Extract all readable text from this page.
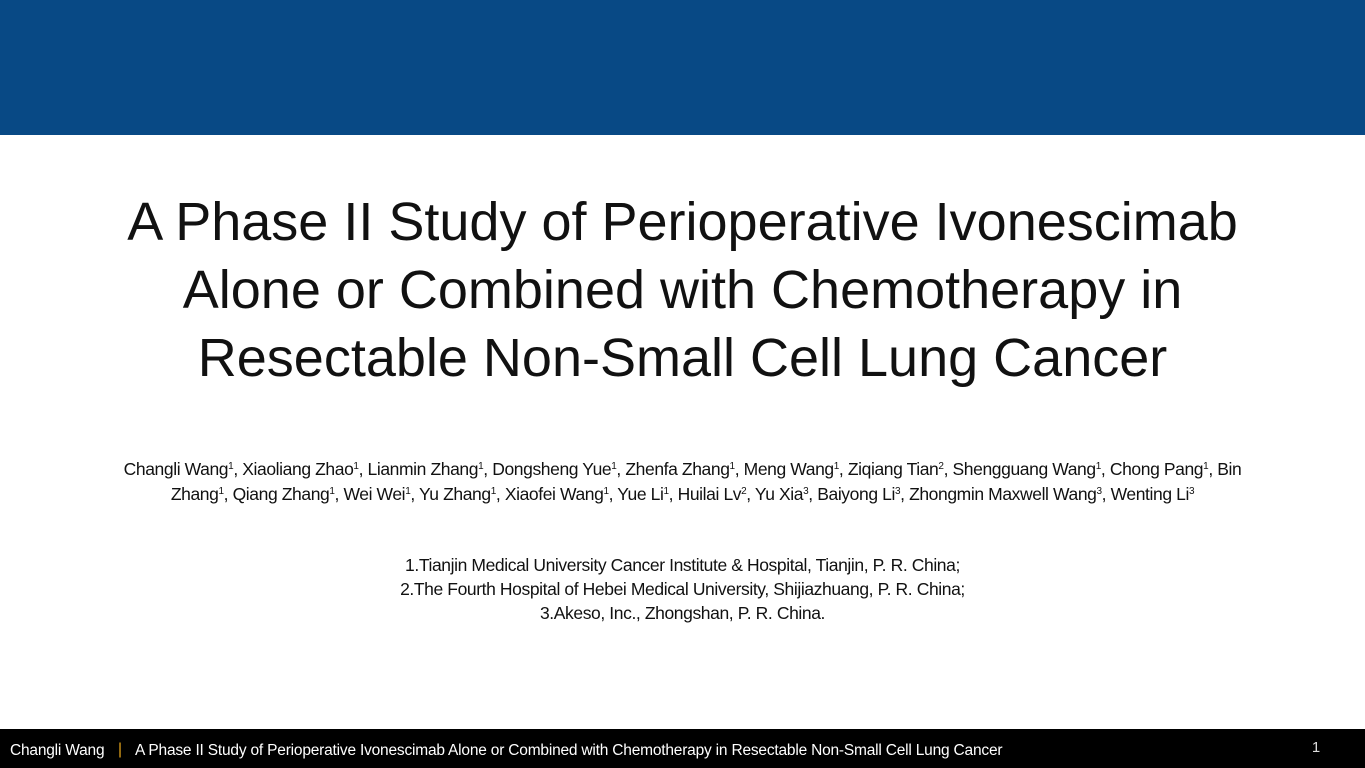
A Phase II Study of Perioperative Ivonescimab Alone or Combined with Chemotherapy in Resectable Non-Small Cell Lung Cancer
Changli Wang$^1$, Xiaoliang Zhao$^1$, Lianmin Zhang$^1$, Dongsheng Yue$^1$, Zhenfa Zhang$^1$, Meng Wang$^1$, Ziqiang Tian$^2$, Shengguang Wang$^1$, Chong Pang$^1$, Bin Zhang$^1$, Qiang Zhang$^1$, Wei Wei$^1$, Yu Zhang$^1$, Xiaofei Wang$^1$, Yue Li$^1$, Huilai Lv$^2$, Yu Xia$^3$, Baiyong Li$^3$, Zhongmin Maxwell Wang$^3$, Wenting Li$^3$
1.Tianjin Medical University Cancer Institute & Hospital, Tianjin, P. R. China;
2.The Fourth Hospital of Hebei Medical University, Shijiazhuang, P. R. China;
3.Akeso, Inc., Zhongshan, P. R. China.
Changli Wang | A Phase II Study of Perioperative Ivonescimab Alone or Combined with Chemotherapy in Resectable Non-Small Cell Lung Cancer	1
